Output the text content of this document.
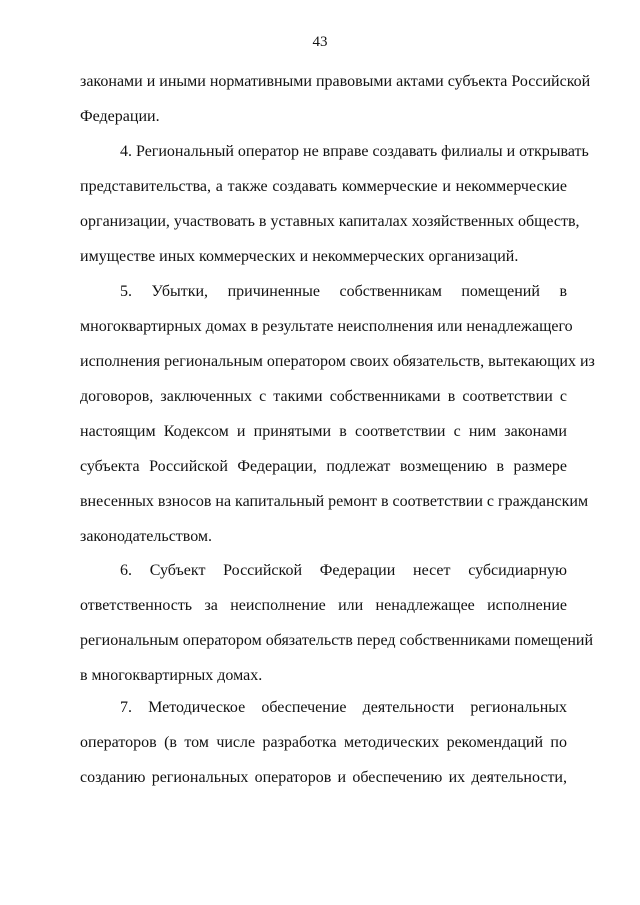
43
законами и иными нормативными правовыми актами субъекта Российской
Федерации.
4. Региональный оператор не вправе создавать филиалы и открывать
представительства, а также создавать коммерческие и некоммерческие
организации, участвовать в уставных капиталах хозяйственных обществ,
имуществе иных коммерческих и некоммерческих организаций.
5. Убытки, причиненные собственникам помещений в
многоквартирных домах в результате неисполнения или ненадлежащего
исполнения региональным оператором своих обязательств, вытекающих из
договоров, заключенных с такими собственниками в соответствии с
настоящим Кодексом и принятыми в соответствии с ним законами
субъекта Российской Федерации, подлежат возмещению в размере
внесенных взносов на капитальный ремонт в соответствии с гражданским
законодательством.
6. Субъект Российской Федерации несет субсидиарную
ответственность за неисполнение или ненадлежащее исполнение
региональным оператором обязательств перед собственниками помещений
в многоквартирных домах.
7. Методическое обеспечение деятельности региональных
операторов (в том числе разработка методических рекомендаций по
созданию региональных операторов и обеспечению их деятельности,
